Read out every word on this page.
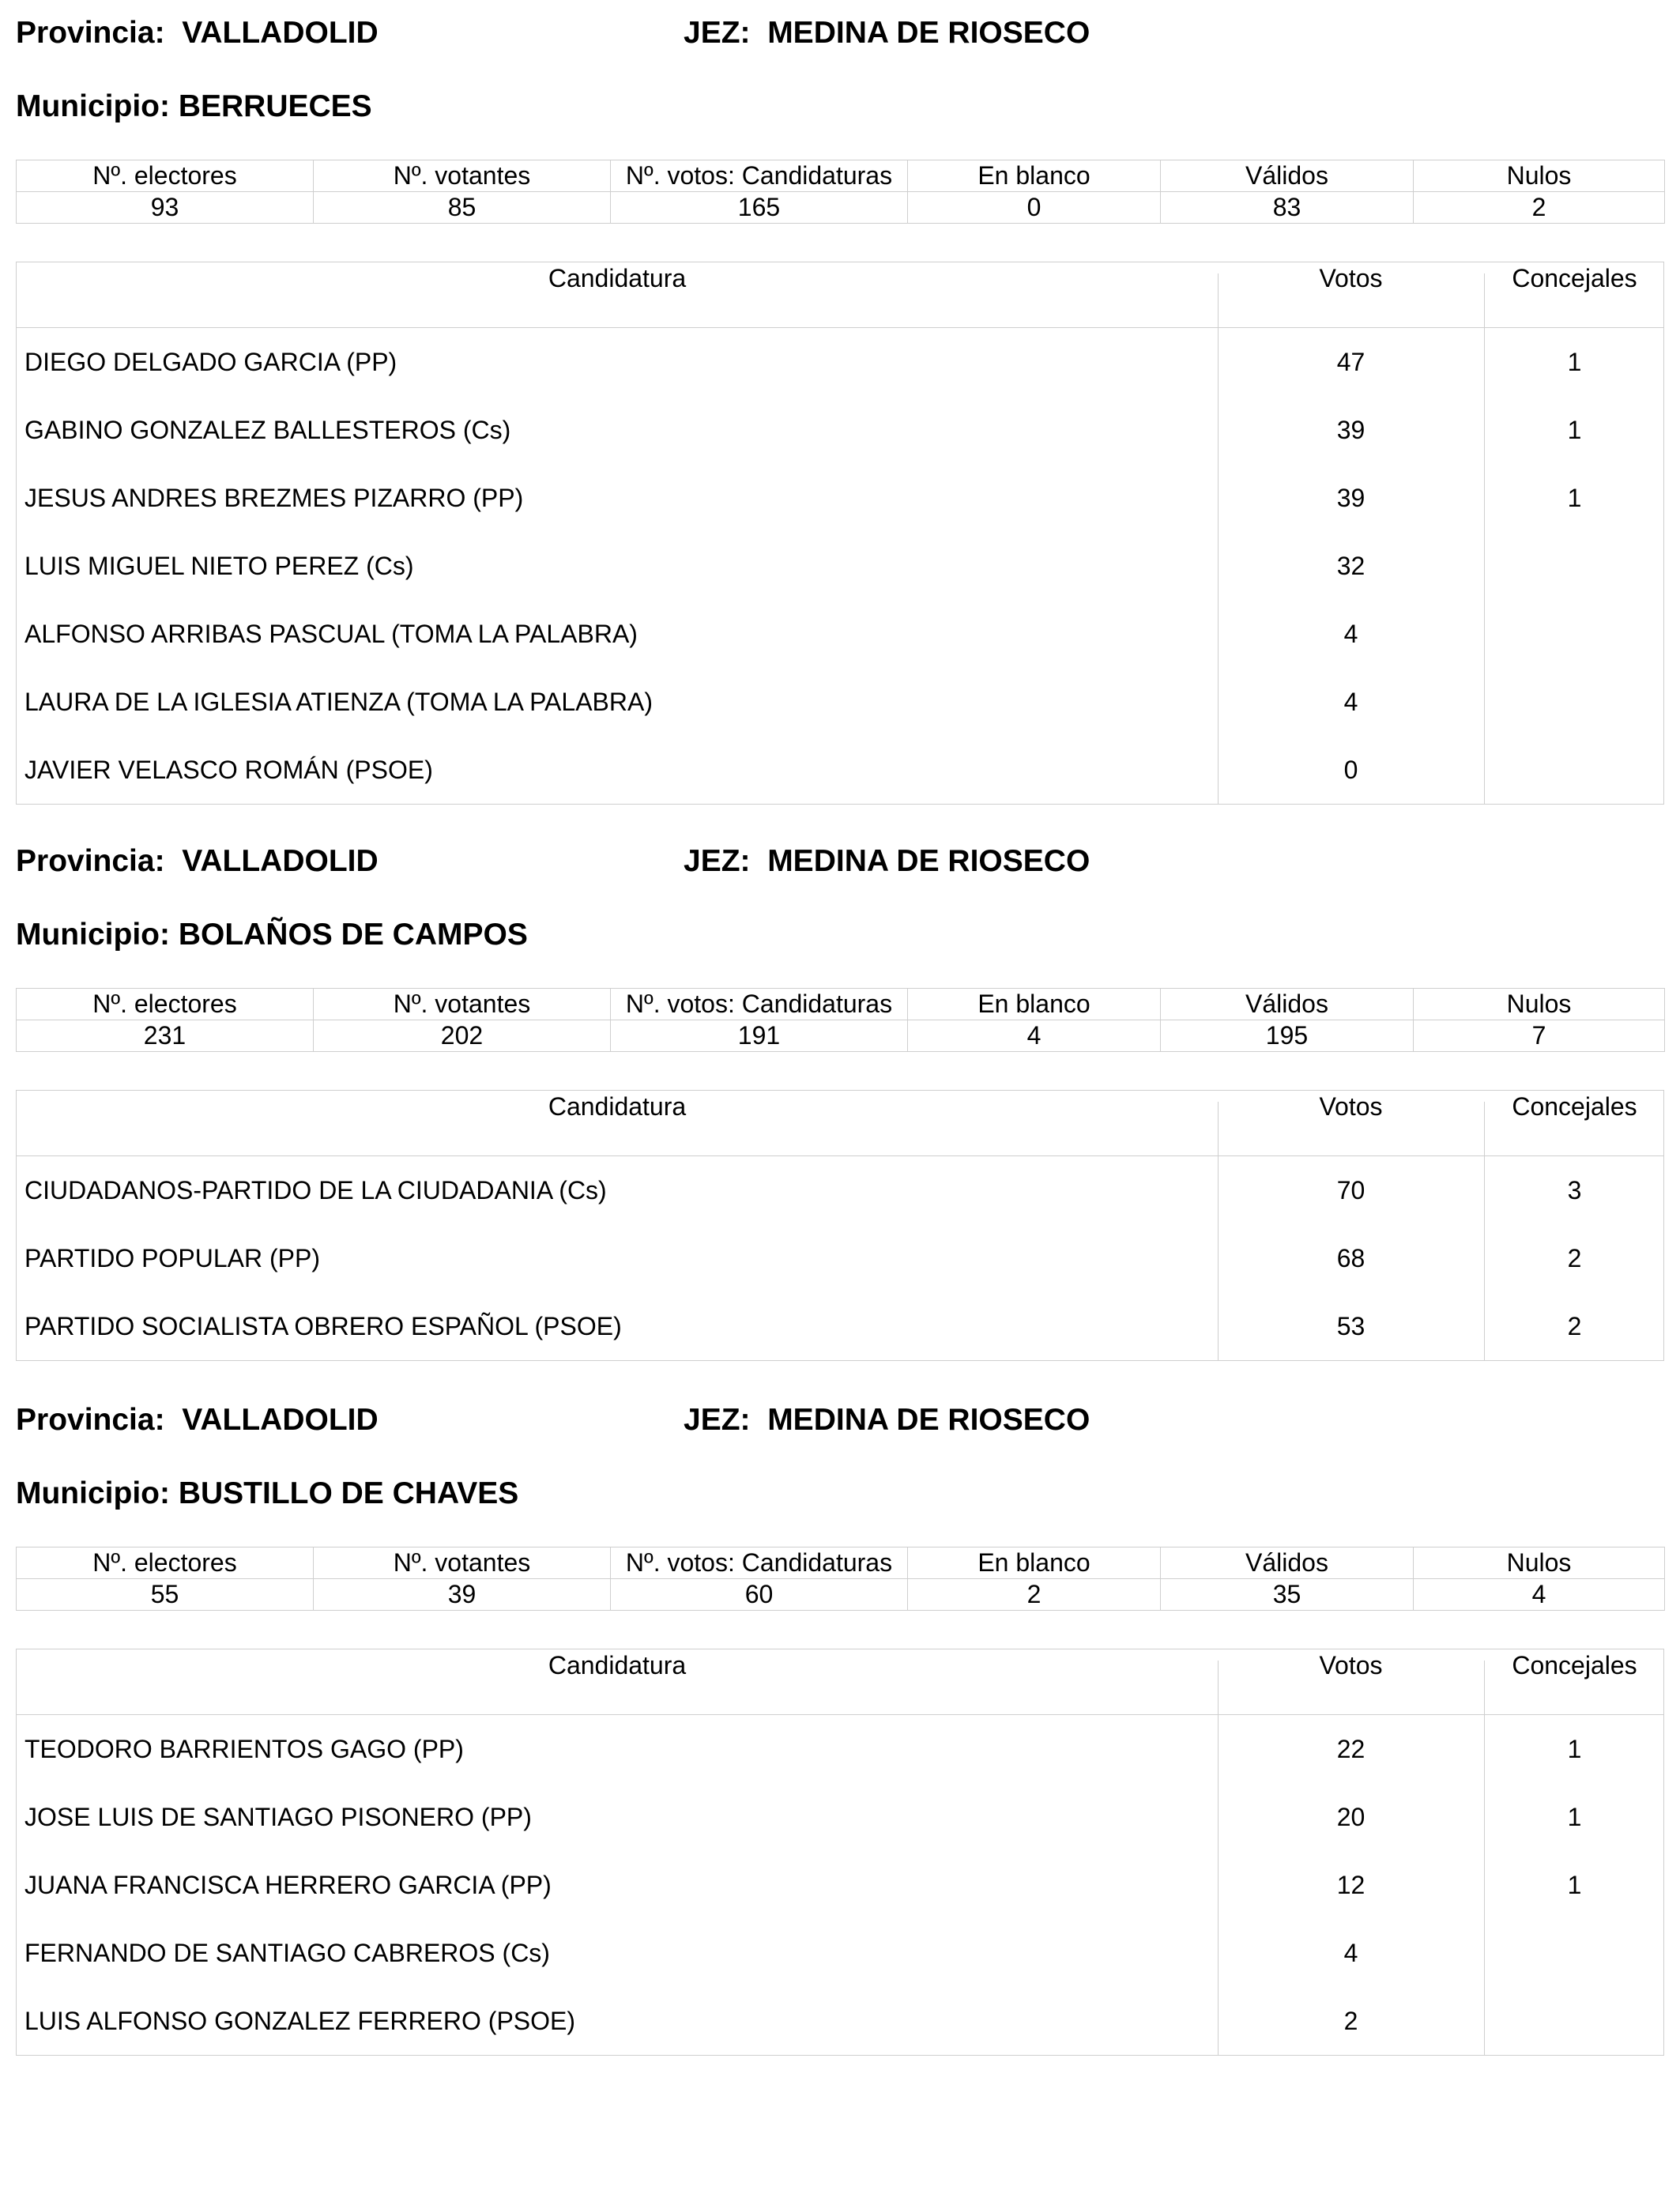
Provincia: VALLADOLID	JEZ: MEDINA DE RIOSECO
Municipio: BERRUECES
Nº. electores	Nº. votantes	Nº. votos: Candidaturas	En blanco	Válidos	Nulos
93	85	165	0	83	2
Candidatura	Votos	Concejales
DIEGO DELGADO GARCIA (PP)	47	1
GABINO GONZALEZ BALLESTEROS (Cs)	39	1
JESUS ANDRES BREZMES PIZARRO (PP)	39	1
LUIS MIGUEL NIETO PEREZ (Cs)	32
ALFONSO ARRIBAS PASCUAL (TOMA LA PALABRA)	4
LAURA DE LA IGLESIA ATIENZA (TOMA LA PALABRA)	4
JAVIER VELASCO ROMÁN (PSOE)	0
Provincia: VALLADOLID	JEZ: MEDINA DE RIOSECO
Municipio: BOLAÑOS DE CAMPOS
Nº. electores	Nº. votantes	Nº. votos: Candidaturas	En blanco	Válidos	Nulos
231	202	191	4	195	7
Candidatura	Votos	Concejales
CIUDADANOS-PARTIDO DE LA CIUDADANIA (Cs)	70	3
PARTIDO POPULAR (PP)	68	2
PARTIDO SOCIALISTA OBRERO ESPAÑOL (PSOE)	53	2
Provincia: VALLADOLID	JEZ: MEDINA DE RIOSECO
Municipio: BUSTILLO DE CHAVES
Nº. electores	Nº. votantes	Nº. votos: Candidaturas	En blanco	Válidos	Nulos
55	39	60	2	35	4
Candidatura	Votos	Concejales
TEODORO BARRIENTOS GAGO (PP)	22	1
JOSE LUIS DE SANTIAGO PISONERO (PP)	20	1
JUANA FRANCISCA HERRERO GARCIA (PP)	12	1
FERNANDO DE SANTIAGO CABREROS (Cs)	4
LUIS ALFONSO GONZALEZ FERRERO (PSOE)	2
